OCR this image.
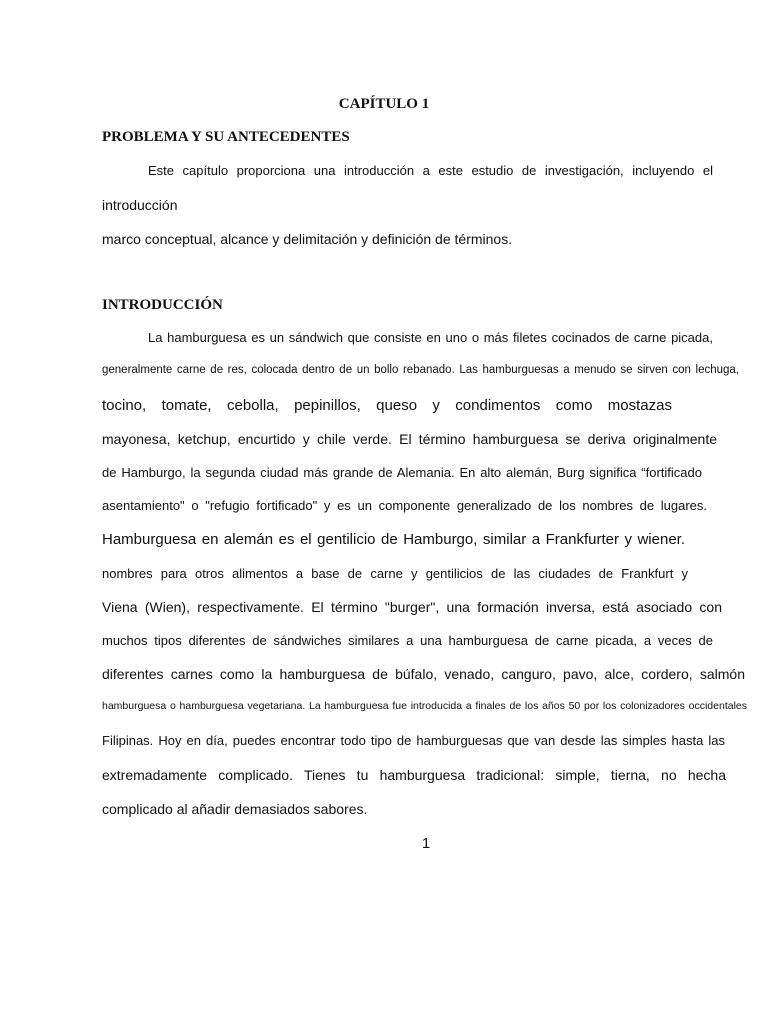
CAPÍTULO 1
PROBLEMA Y SU ANTECEDENTES
Este capítulo proporciona una introducción a este estudio de investigación, incluyendo el
introducción
marco conceptual, alcance y delimitación y definición de términos.
INTRODUCCIÓN
La hamburguesa es un sándwich que consiste en uno o más filetes cocinados de carne picada,
generalmente carne de res, colocada dentro de un bollo rebanado. Las hamburguesas a menudo se sirven con lechuga,
tocino, tomate, cebolla, pepinillos, queso y condimentos como mostazas
mayonesa, ketchup, encurtido y chile verde. El término hamburguesa se deriva originalmente
de Hamburgo, la segunda ciudad más grande de Alemania. En alto alemán, Burg significa “fortificado
asentamiento" o "refugio fortificado" y es un componente generalizado de los nombres de lugares.
Hamburguesa en alemán es el gentilicio de Hamburgo, similar a Frankfurter y wiener.
nombres para otros alimentos a base de carne y gentilicios de las ciudades de Frankfurt y
Viena (Wien), respectivamente. El término "burger", una formación inversa, está asociado con
muchos tipos diferentes de sándwiches similares a una hamburguesa de carne picada, a veces de
diferentes carnes como la hamburguesa de búfalo, venado, canguro, pavo, alce, cordero, salmón
hamburguesa o hamburguesa vegetariana. La hamburguesa fue introducida a finales de los años 50 por los colonizadores occidentales
Filipinas. Hoy en día, puedes encontrar todo tipo de hamburguesas que van desde las simples hasta las
extremadamente complicado. Tienes tu hamburguesa tradicional: simple, tierna, no hecha
complicado al añadir demasiados sabores.
1
